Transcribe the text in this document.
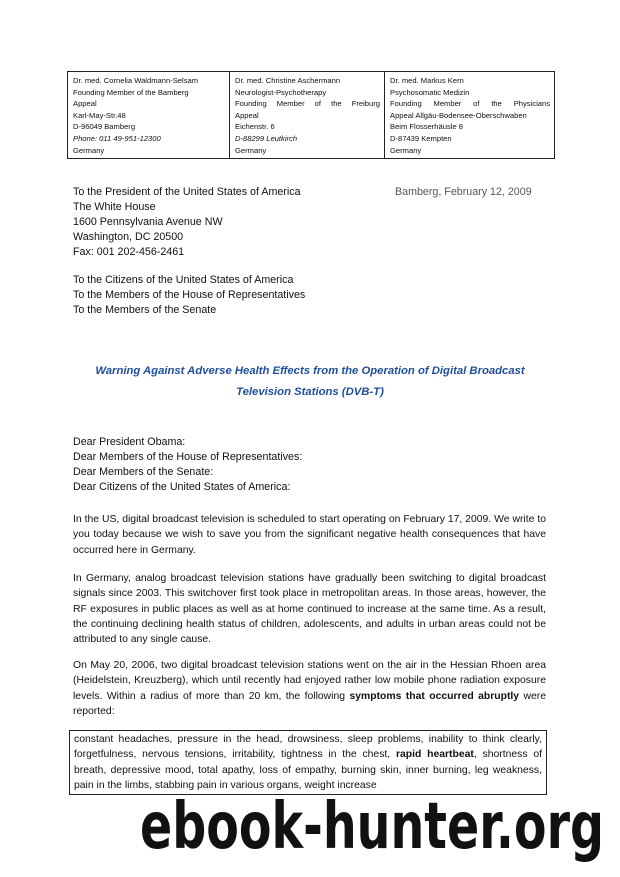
Dr. med. Cornelia Waldmann-Selsam
Founding Member of the Bamberg
Appeal
Karl-May-Str.48
D-96049 Bamberg
Phone: 011 49-951-12300
Germany

Dr. med. Christine Aschermann
Neurologist-Psychotherapy
Founding Member of the Freiburg
Appeal
Eichenstr. 6
D-88299 Leutkirch
Germany

Dr. med. Markus Kern
Psychosomatic Medizin
Founding Member of the Physicians
Appeal Allgäu-Bodensee-Oberschwaben
Beim Flosserhäusle 8
D-87439 Kempten
Germany
To the President of the United States of America
The White House
1600 Pennsylvania Avenue NW
Washington, DC 20500
Fax: 001 202-456-2461
Bamberg, February 12, 2009
To the Citizens of the United States of America
To the Members of the House of Representatives
To the Members of the Senate
Warning Against Adverse Health Effects from the Operation of Digital Broadcast
Television Stations (DVB-T)
Dear President Obama:
Dear Members of the House of Representatives:
Dear Members of the Senate:
Dear Citizens of the United States of America:
In the US, digital broadcast television is scheduled to start operating on February 17, 2009. We write to you today because we wish to save you from the significant negative health consequences that have occurred here in Germany.
In Germany, analog broadcast television stations have gradually been switching to digital broadcast signals since 2003. This switchover first took place in metropolitan areas. In those areas, however, the RF exposures in public places as well as at home continued to increase at the same time. As a result, the continuing declining health status of children, adolescents, and adults in urban areas could not be attributed to any single cause.
On May 20, 2006, two digital broadcast television stations went on the air in the Hessian Rhoen area (Heidelstein, Kreuzberg), which until recently had enjoyed rather low mobile phone radiation exposure levels. Within a radius of more than 20 km, the following symptoms that occurred abruptly were reported:
constant headaches, pressure in the head, drowsiness, sleep problems, inability to think clearly, forgetfulness, nervous tensions, irritability, tightness in the chest, rapid heartbeat, shortness of breath, depressive mood, total apathy, loss of empathy, burning skin, inner burning, leg weakness, pain in the limbs, stabbing pain in various organs, weight increase
ebook-hunter.org
